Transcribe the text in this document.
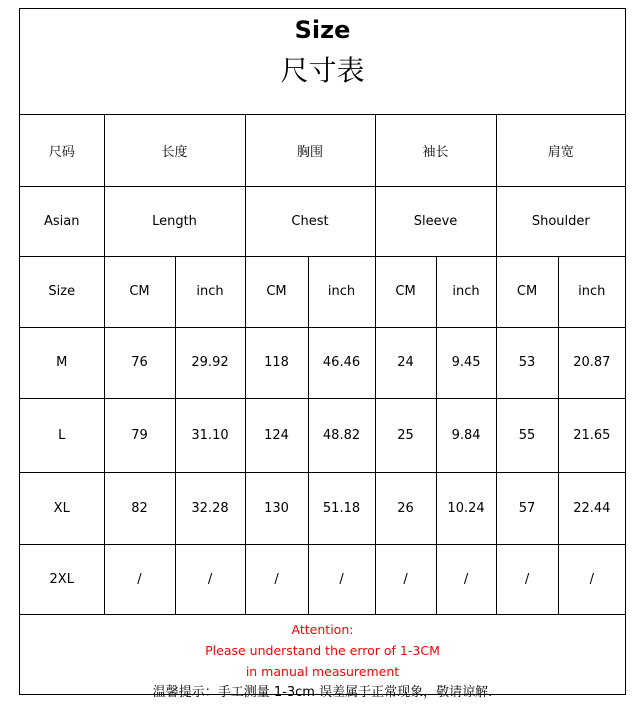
Size
尺寸表
尺码	长度		胸围		袖长		肩宽	
Asian	Length		Chest		Sleeve		Shoulder	
Size	CM	inch	CM	inch	CM	inch	CM	inch
M	76	29.92	118	46.46	24	9.45	53	20.87
L	79	31.10	124	48.82	25	9.84	55	21.65
XL	82	32.28	130	51.18	26	10.24	57	22.44
2XL	/	/	/	/	/	/	/	/
Attention:
Please understand the error of 1-3CM
in manual measurement
温馨提示：手工测量 1-3cm 误差属于正常现象，敬请谅解.
